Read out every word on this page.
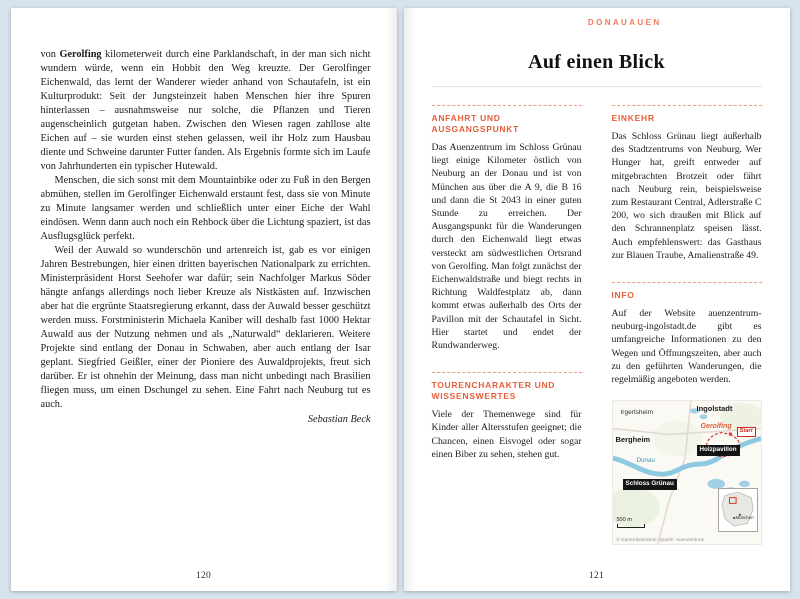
von Gerolfing kilometerweit durch eine Parklandschaft, in der man sich nicht wundern würde, wenn ein Hobbit den Weg kreuzte. Der Gerolfinger Eichenwald, das lernt der Wanderer wieder anhand von Schautafeln, ist ein Kulturprodukt: Seit der Jungsteinzeit haben Menschen hier ihre Spuren hinterlassen – ausnahmsweise nur solche, die Pflanzen und Tieren augenscheinlich gutgetan haben. Zwischen den Wiesen ragen zahllose alte Eichen auf – sie wurden einst stehen gelassen, weil ihr Holz zum Hausbau diente und Schweine darunter Futter fanden. Als Ergebnis formte sich im Laufe von Jahrhunderten ein typischer Hutewald.

Menschen, die sich sonst mit dem Mountainbike oder zu Fuß in den Bergen abmühen, stellen im Gerolfinger Eichenwald erstaunt fest, dass sie von Minute zu Minute langsamer werden und schließlich unter einer Eiche der Wahl eindösen. Wenn dann auch noch ein Rehbock über die Lichtung spaziert, ist das Ausflugsglück perfekt.

Weil der Auwald so wunderschön und artenreich ist, gab es vor einigen Jahren Bestrebungen, hier einen dritten bayerischen Nationalpark zu errichten. Ministerpräsident Horst Seehofer war dafür; sein Nachfolger Markus Söder hängte anfangs allerdings noch lieber Kreuze als Nistkästen auf. Inzwischen aber hat die ergrünte Staatsregierung erkannt, dass der Auwald besser geschützt werden muss. Forstministerin Michaela Kaniber will deshalb fast 1000 Hektar Auwald aus der Nutzung nehmen und als „Naturwald“ deklarieren. Weitere Projekte sind entlang der Donau in Schwaben, aber auch entlang der Isar geplant. Siegfried Geißler, einer der Pioniere des Auwaldprojekts, freut sich darüber. Er ist ohnehin der Meinung, dass man nicht unbedingt nach Brasilien fliegen muss, um einen Dschungel zu sehen. Eine Fahrt nach Neuburg tut es auch.

Sebastian Beck

120
DONAUAUEN
Auf einen Blick
ANFAHRT UND AUSGANGSPUNKT

Das Auenzentrum im Schloss Grünau liegt einige Kilometer östlich von Neuburg an der Donau und ist von München aus über die A 9, die B 16 und dann die St 2043 in einer guten Stunde zu erreichen. Der Ausgangspunkt für die Wanderungen durch den Eichenwald liegt etwas versteckt am südwestlichen Ortsrand von Gerolfing. Man folgt zunächst der Eichenwaldstraße und biegt rechts in Richtung Waldfestplatz ab, dann kommt etwas außerhalb des Orts der Pavillon mit der Schautafel in Sicht. Hier startet und endet der Rundwanderweg.

TOURENCHARAKTER UND WISSENSWERTES

Viele der Themenwege sind für Kinder aller Altersstufen geeignet; die Chancen, einen Eisvogel oder sogar einen Biber zu sehen, stehen gut.

EINKEHR

Das Schloss Grünau liegt außerhalb des Stadtzentrums von Neuburg. Wer Hunger hat, greift entweder auf mitgebrachten Brotzeit oder fährt nach Neuburg rein, beispielsweise zum Restaurant Central, Adlerstraße C 200, wo sich draußen mit Blick auf den Schrannenplatz speisen lässt. Auch empfehlenswert: das Gasthaus zur Blauen Traube, Amalienstraße 49.

INFO

Auf der Website auenzentrum-neuburg-ingolstadt.de gibt es umfangreiche Informationen zu den Wegen und Öffnungszeiten, aber auch zu den geführten Wanderungen, die regelmäßig angeboten werden.

Irgertsheim	Ingolstadt
Gerolfing
Start
Holzpavillon
Bergheim
Donau
Schloss Grünau
500 m
© Karte/Illustration; Quelle: Auenzentrum
München
121
